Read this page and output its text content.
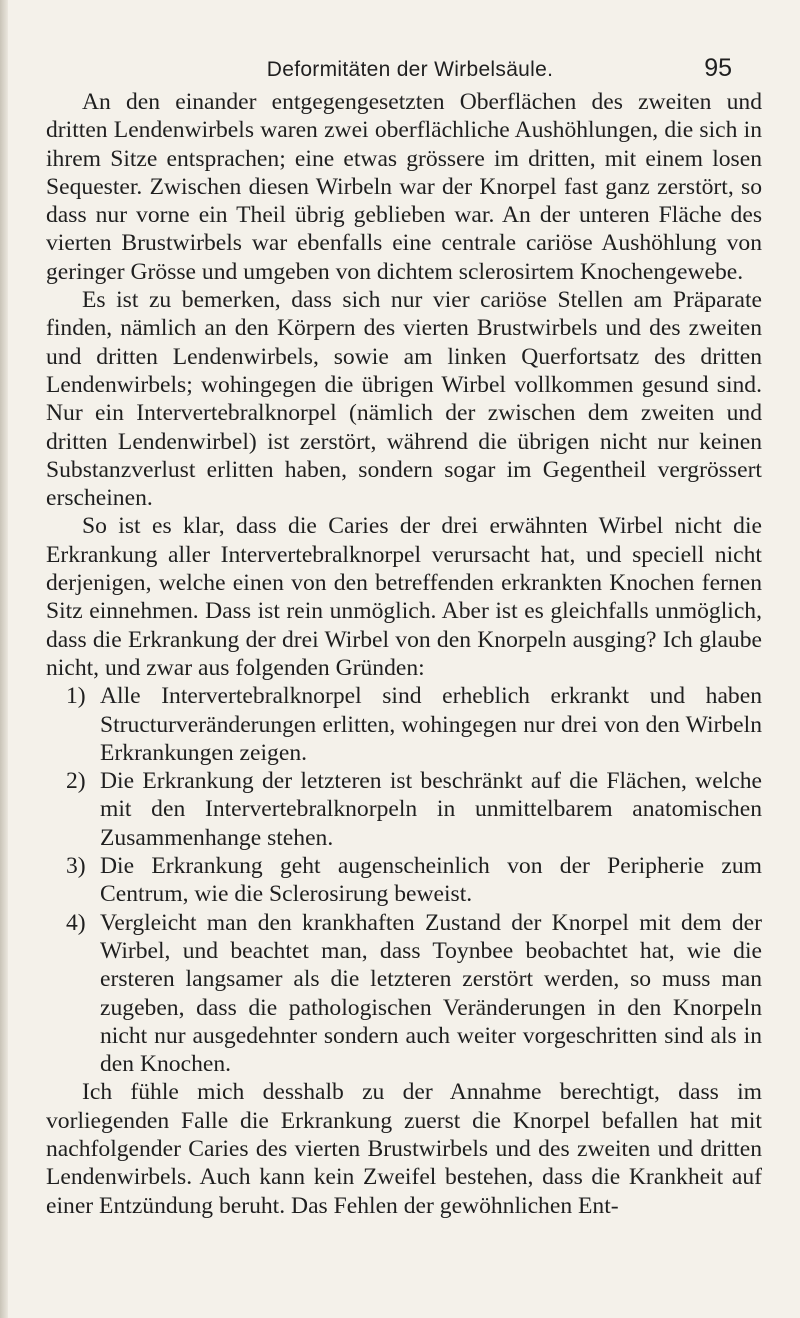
Deformitäten der Wirbelsäule.	95

An den einander entgegengesetzten Oberflächen des zweiten und dritten Lendenwirbels waren zwei oberflächliche Aushöhlungen, die sich in ihrem Sitze entsprachen; eine etwas grössere im dritten, mit einem losen Sequester. Zwischen diesen Wirbeln war der Knorpel fast ganz zerstört, so dass nur vorne ein Theil übrig geblieben war. An der unteren Fläche des vierten Brustwirbels war ebenfalls eine centrale cariöse Aushöhlung von geringer Grösse und umgeben von dichtem sclerosirtem Knochengewebe.

Es ist zu bemerken, dass sich nur vier cariöse Stellen am Präparate finden, nämlich an den Körpern des vierten Brustwirbels und des zweiten und dritten Lendenwirbels, sowie am linken Querfortsatz des dritten Lendenwirbels; wohingegen die übrigen Wirbel vollkommen gesund sind. Nur ein Intervertebralknorpel (nämlich der zwischen dem zweiten und dritten Lendenwirbel) ist zerstört, während die übrigen nicht nur keinen Substanzverlust erlitten haben, sondern sogar im Gegentheil vergrössert erscheinen.

So ist es klar, dass die Caries der drei erwähnten Wirbel nicht die Erkrankung aller Intervertebralknorpel verursacht hat, und speciell nicht derjenigen, welche einen von den betreffenden erkrankten Knochen fernen Sitz einnehmen. Dass ist rein unmöglich. Aber ist es gleichfalls unmöglich, dass die Erkrankung der drei Wirbel von den Knorpeln ausging? Ich glaube nicht, und zwar aus folgenden Gründen:

1) Alle Intervertebralknorpel sind erheblich erkrankt und haben Structurveränderungen erlitten, wohingegen nur drei von den Wirbeln Erkrankungen zeigen.
2) Die Erkrankung der letzteren ist beschränkt auf die Flächen, welche mit den Intervertebralknorpeln in unmittelbarem anatomischen Zusammenhange stehen.
3) Die Erkrankung geht augenscheinlich von der Peripherie zum Centrum, wie die Sclerosirung beweist.
4) Vergleicht man den krankhaften Zustand der Knorpel mit dem der Wirbel, und beachtet man, dass Toynbee beobachtet hat, wie die ersteren langsamer als die letzteren zerstört werden, so muss man zugeben, dass die pathologischen Veränderungen in den Knorpeln nicht nur ausgedehnter sondern auch weiter vorgeschritten sind als in den Knochen.

Ich fühle mich desshalb zu der Annahme berechtigt, dass im vorliegenden Falle die Erkrankung zuerst die Knorpel befallen hat mit nachfolgender Caries des vierten Brustwirbels und des zweiten und dritten Lendenwirbels. Auch kann kein Zweifel bestehen, dass die Krankheit auf einer Entzündung beruht. Das Fehlen der gewöhnlichen Ent-
